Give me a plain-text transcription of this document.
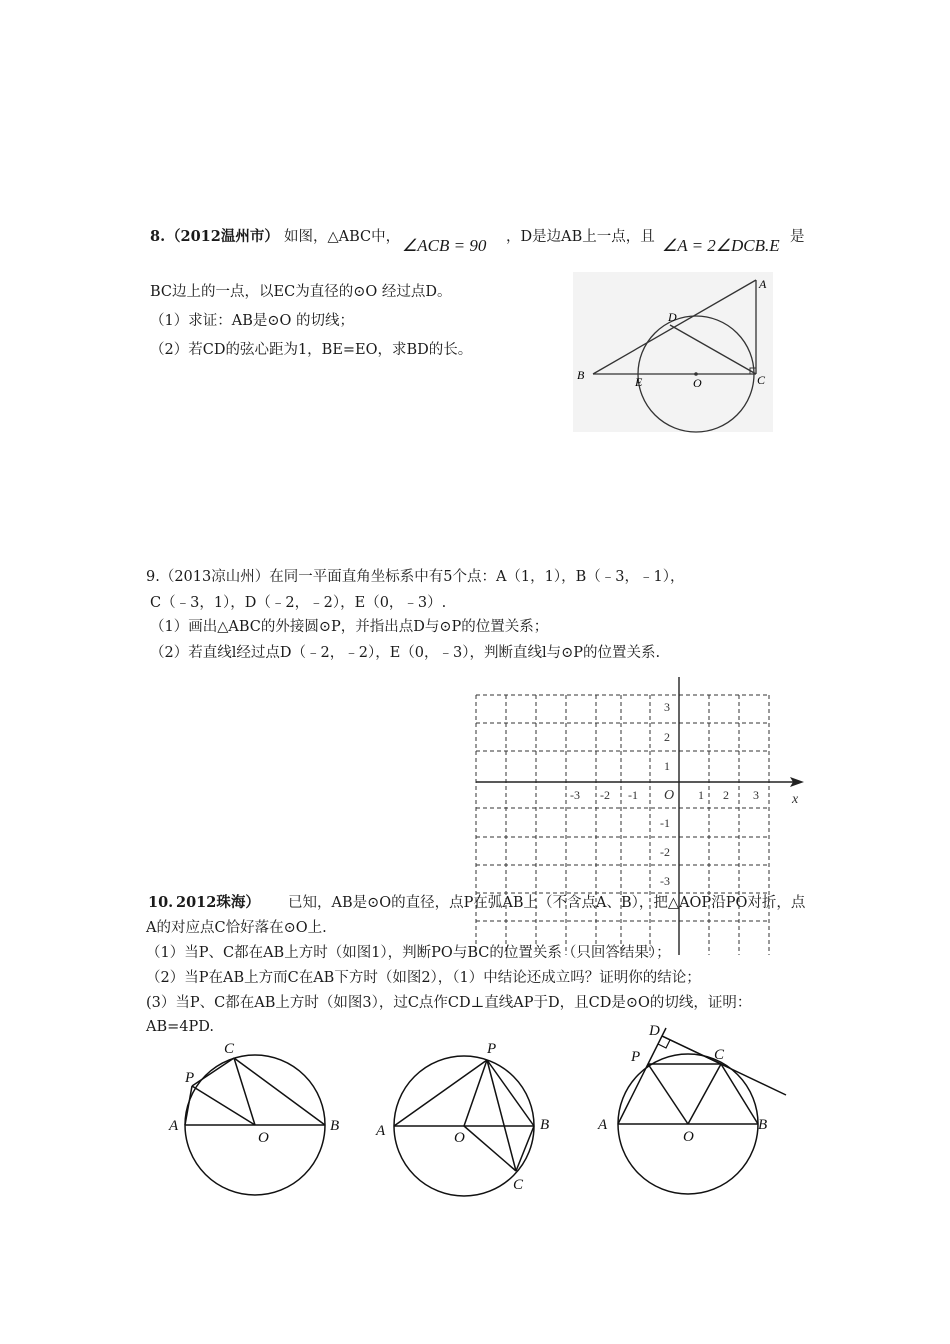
8. （2012温州市） 如图，△ABC中， ∠ACB = 90 ，D是边AB上一点，且 ∠A = 2∠DCB.E 是
BC边上的一点，以EC为直径的⊙O 经过点D。
（1）求证：AB是⊙O 的切线；
（2）若CD的弦心距为1，BE=EO，求BD的长。
A
B	C
D
E	O
9.（2013凉山州）在同一平面直角坐标系中有5个点：A（1，1），B（﹣3，﹣1），
C（﹣3，1），D（﹣2，﹣2），E（0，﹣3）.
（1）画出△ABC的外接圆⊙P，并指出点D与⊙P的位置关系；
（2）若直线l经过点D（﹣2，﹣2），E（0，﹣3），判断直线l与⊙P的位置关系.
-3 -2 -1 O 1 2 3 x
3
2
1
-1
-2
-3
10. 2012珠海） 已知，AB是⊙O的直径，点P在弧AB上（不含点A、B），把△AOP沿PO对折，点
A的对应点C恰好落在⊙O上.
（1）当P、C都在AB上方时（如图1），判断PO与BC的位置关系（只回答结果）；
（2）当P在AB上方而C在AB下方时（如图2），（1）中结论还成立吗？证明你的结论；
(3）当P、C都在AB上方时（如图3），过C点作CD⊥直线AP于D，且CD是⊙O的切线，证明：
AB=4PD.
A	B
C
P
O	A	B
C
P
O
A	B
C
P
O
D
